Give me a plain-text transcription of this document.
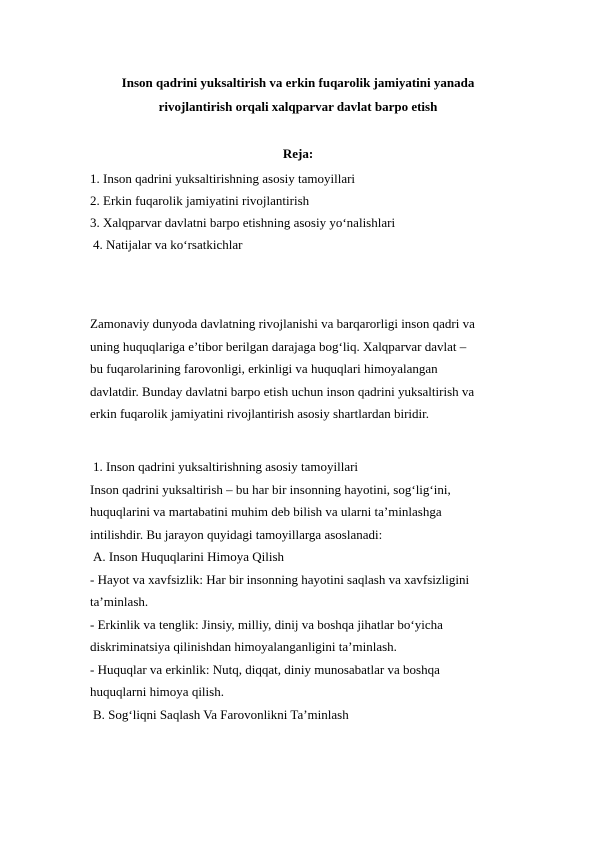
Inson qadrini yuksaltirish va erkin fuqarolik jamiyatini yanada
rivojlantirish orqali xalqparvar davlat barpo etish
Reja:
1. Inson qadrini yuksaltirishning asosiy tamoyillari
2. Erkin fuqarolik jamiyatini rivojlantirish
3. Xalqparvar davlatni barpo etishning asosiy yo‘nalishlari
4. Natijalar va ko‘rsatkichlar
Zamonaviy dunyoda davlatning rivojlanishi va barqarorligi inson qadri va
uning huquqlariga e’tibor berilgan darajaga bog‘liq. Xalqparvar davlat –
bu fuqarolarining farovonligi, erkinligi va huquqlari himoyalangan
davlatdir. Bunday davlatni barpo etish uchun inson qadrini yuksaltirish va
erkin fuqarolik jamiyatini rivojlantirish asosiy shartlardan biridir.
1. Inson qadrini yuksaltirishning asosiy tamoyillari
Inson qadrini yuksaltirish – bu har bir insonning hayotini, sog‘lig‘ini,
huquqlarini va martabatini muhim deb bilish va ularni ta’minlashga
intilishdir. Bu jarayon quyidagi tamoyillarga asoslanadi:
A. Inson Huquqlarini Himoya Qilish
- Hayot va xavfsizlik: Har bir insonning hayotini saqlash va xavfsizligini
ta’minlash.
- Erkinlik va tenglik: Jinsiy, milliy, dinij va boshqa jihatlar bo‘yicha
diskriminatsiya qilinishdan himoyalanganligini ta’minlash.
- Huquqlar va erkinlik: Nutq, diqqat, diniy munosabatlar va boshqa
huquqlarni himoya qilish.
B. Sog‘liqni Saqlash Va Farovonlikni Ta’minlash
